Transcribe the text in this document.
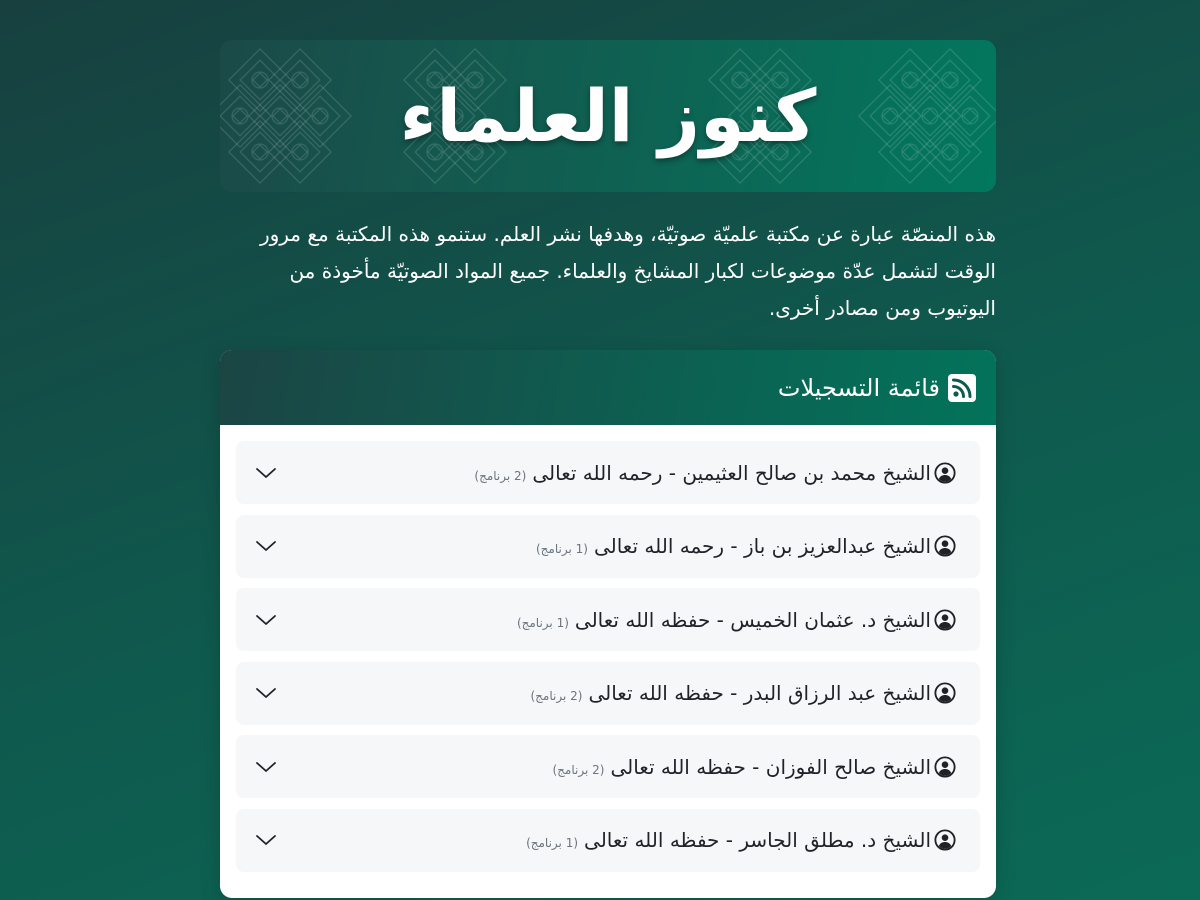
كنوز العلماء

هذه المنصّة عبارة عن مكتبة علميّة صوتيّة، وهدفها نشر العلم. ستنمو هذه المكتبة مع مرور الوقت لتشمل عدّة موضوعات لكبار المشايخ والعلماء. جميع المواد الصوتيّة مأخوذة من اليوتيوب ومن مصادر أخرى.

قائمة التسجيلات
الشيخ محمد بن صالح العثيمين - رحمه الله تعالى
(2 برنامج)
الشيخ عبدالعزيز بن باز - رحمه الله تعالى
(1 برنامج)
الشيخ د. عثمان الخميس - حفظه الله تعالى
(1 برنامج)
الشيخ عبد الرزاق البدر - حفظه الله تعالى
(2 برنامج)
الشيخ صالح الفوزان - حفظه الله تعالى
(2 برنامج)
الشيخ د. مطلق الجاسر - حفظه الله تعالى
(1 برنامج)
